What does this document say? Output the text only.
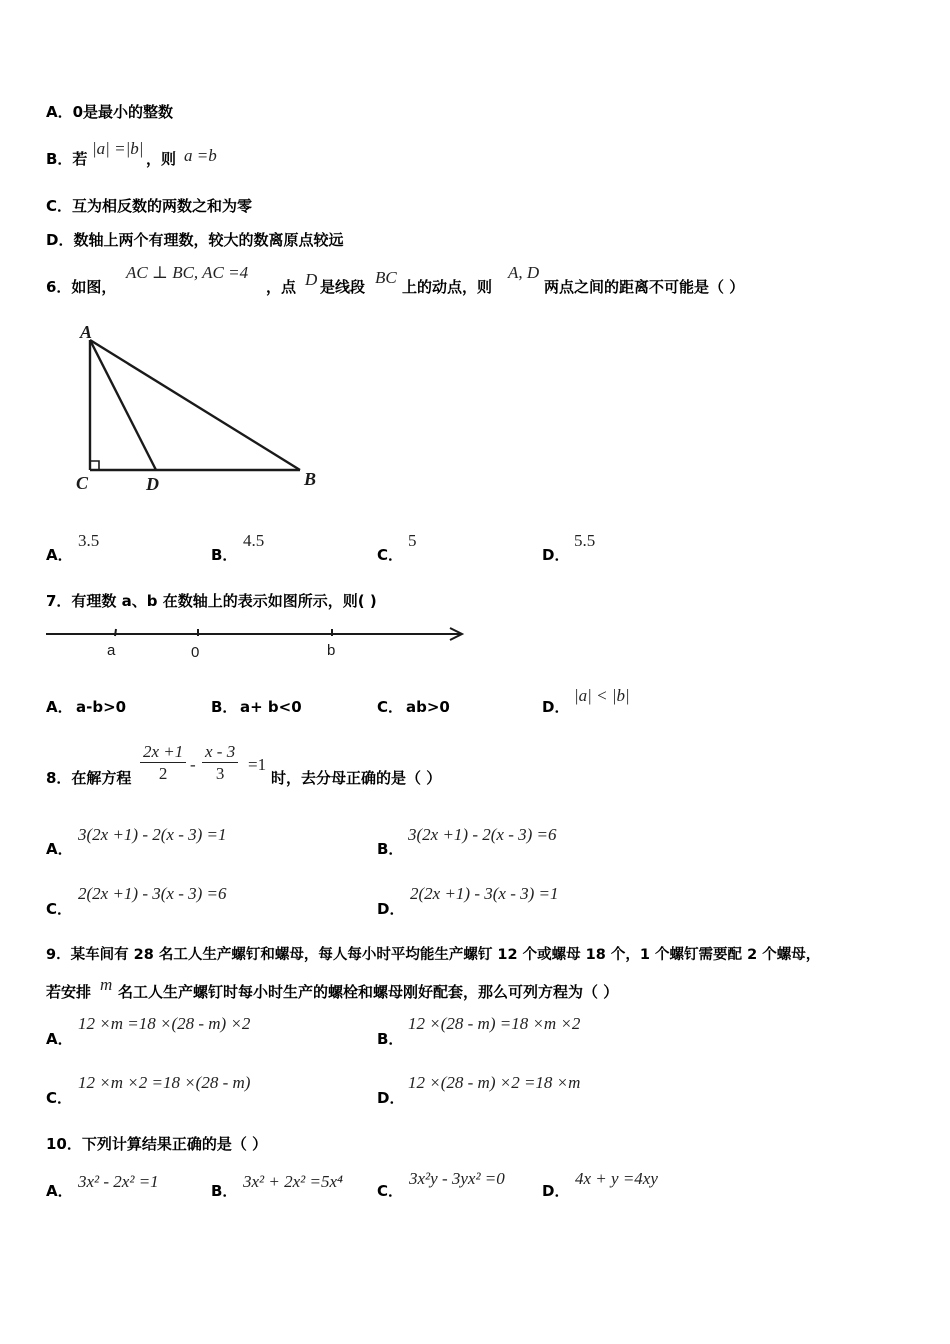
A．0是最小的整数
B．若
|a| =|b|
，则 a =b
C．互为相反数的两数之和为零
D．数轴上两个有理数，较大的数离原点较远
6．如图，
AC ⊥ BC, AC =4
，点 D 是线段 BC 上的动点，则
A, D
两点之间的距离不可能是（ ）
A
C	D	B
A．
3.5
B．
4.5
C．
5
D．
5.5
7．有理数 a、b 在数轴上的表示如图所示，则( )
a	0	b
A． a-b>0	B． a+ b<0	C． ab>0	D．
|a| < |b|
8．在解方程 $\frac{2x +1}{2} - \frac{x - 3}{3} =1$
时，去分母正确的是（ ）
A．
3(2x +1) - 2(x - 3) =1
B．
3(2x +1) - 2(x - 3) =6
C．
2(2x +1) - 3(x - 3) =6
D．
2(2x +1) - 3(x - 3) =1
9．某车间有 28 名工人生产螺钉和螺母，每人每小时平均能生产螺钉 12 个或螺母 18 个，1 个螺钉需要配 2 个螺母，
若安排 m 名工人生产螺钉时每小时生产的螺栓和螺母刚好配套，那么可列方程为（ ）
A．
12 ×m =18 ×(28 - m) ×2
B．
12 ×(28 - m) =18 ×m ×2
C．
12 ×m ×2 =18 ×(28 - m)
D．
12 ×(28 - m) ×2 =18 ×m
10．下列计算结果正确的是（ ）
A． 3x² - 2x² =1	B． 3x² + 2x² =5x⁴ C．
3x²y - 3yx² =0
D．
4x + y =4xy
